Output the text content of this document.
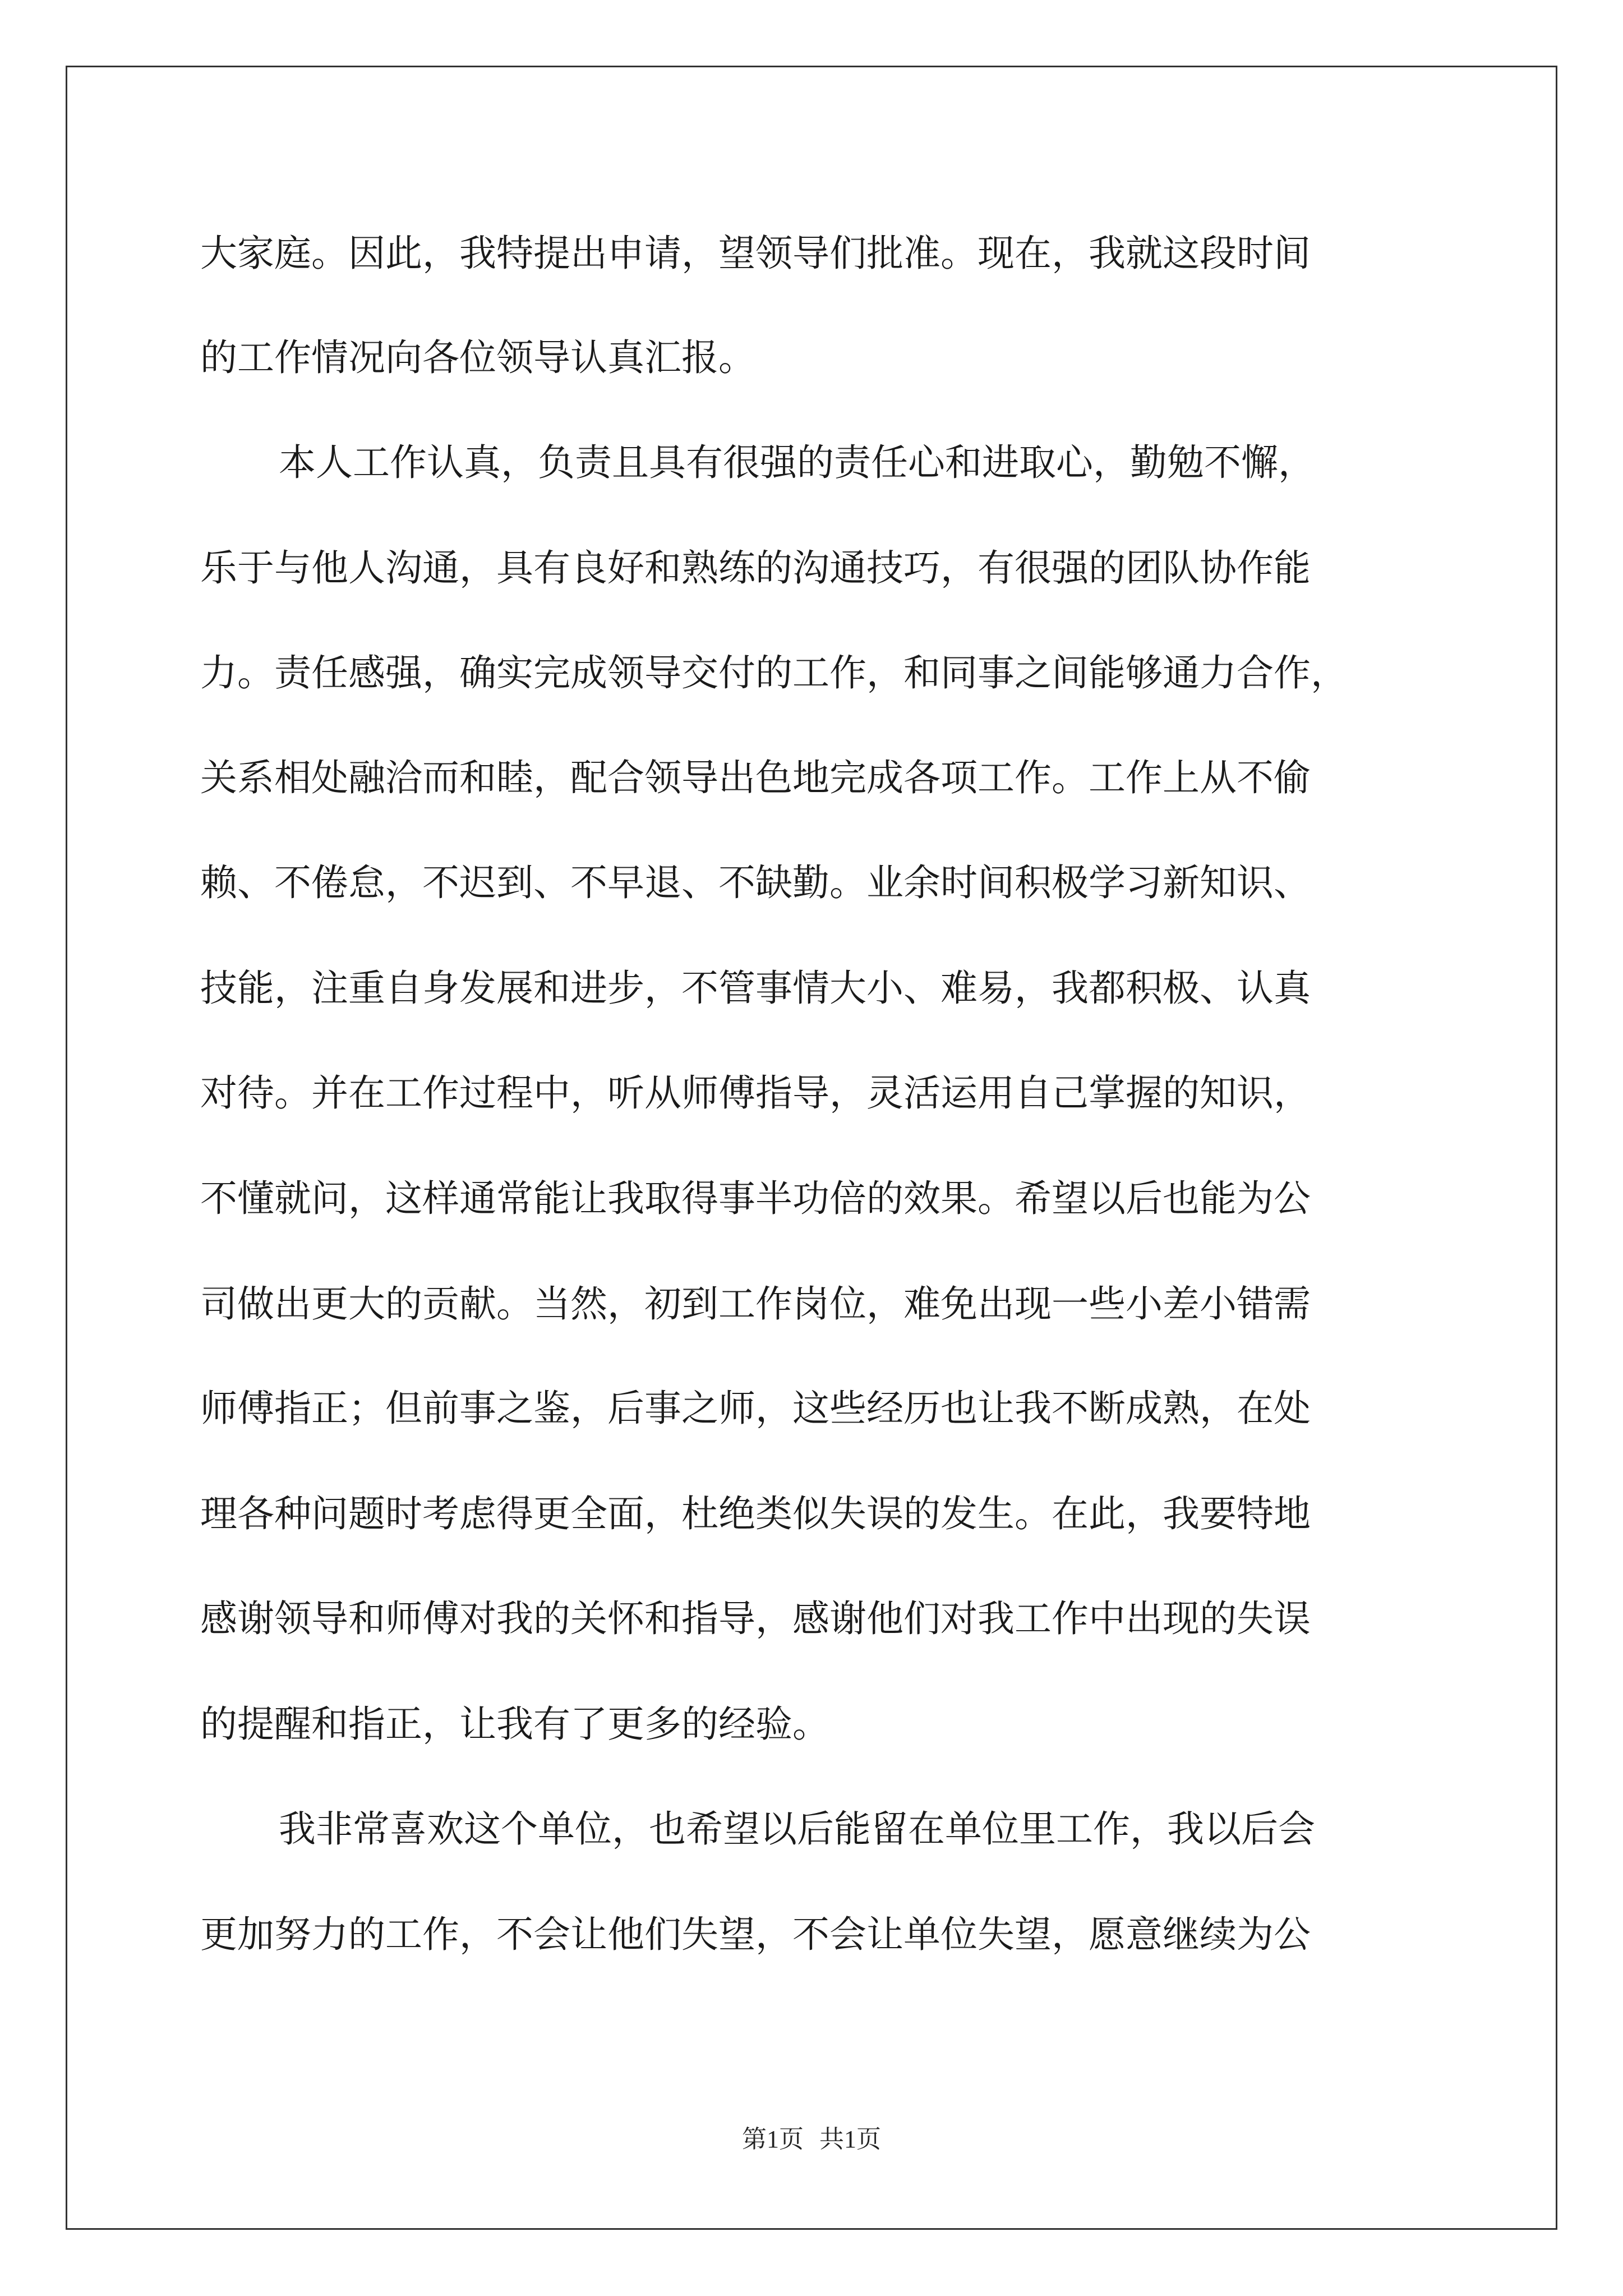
大家庭。因此，我特提出申请，望领导们批准。现在，我就这段时间
的工作情况向各位领导认真汇报。
本人工作认真，负责且具有很强的责任心和进取心，勤勉不懈，
乐于与他人沟通，具有良好和熟练的沟通技巧，有很强的团队协作能
力。责任感强，确实完成领导交付的工作，和同事之间能够通力合作，
关系相处融洽而和睦，配合领导出色地完成各项工作。工作上从不偷
赖、不倦怠，不迟到、不早退、不缺勤。业余时间积极学习新知识、
技能，注重自身发展和进步，不管事情大小、难易，我都积极、认真
对待。并在工作过程中，听从师傅指导，灵活运用自己掌握的知识，
不懂就问，这样通常能让我取得事半功倍的效果。希望以后也能为公
司做出更大的贡献。当然，初到工作岗位，难免出现一些小差小错需
师傅指正；但前事之鉴，后事之师，这些经历也让我不断成熟，在处
理各种问题时考虑得更全面，杜绝类似失误的发生。在此，我要特地
感谢领导和师傅对我的关怀和指导，感谢他们对我工作中出现的失误
的提醒和指正，让我有了更多的经验。
我非常喜欢这个单位，也希望以后能留在单位里工作，我以后会
更加努力的工作，不会让他们失望，不会让单位失望，愿意继续为公
第1页 共1页
